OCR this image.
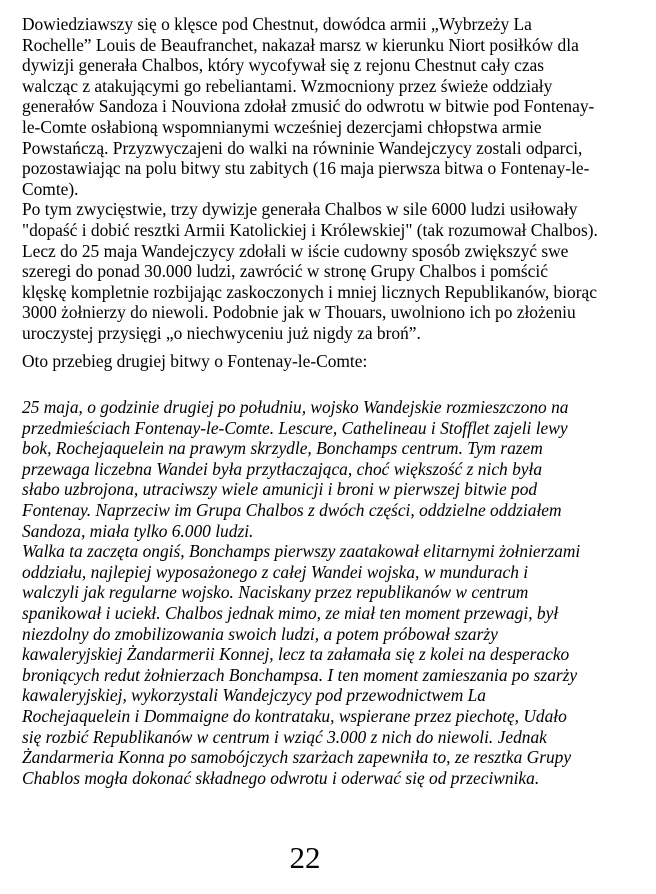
Dowiedziawszy się o klęsce pod Chestnut, dowódca armii „Wybrzeży La
Rochelle” Louis de Beaufranchet, nakazał marsz w kierunku Niort posiłków dla
dywizji generała Chalbos, który wycofywał się z rejonu Chestnut cały czas
walcząc z atakującymi go rebeliantami. Wzmocniony przez świeże oddziały
generałów Sandoza i Nouviona zdołał zmusić do odwrotu w bitwie pod Fontenay-
le-Comte osłabioną wspomnianymi wcześniej dezercjami chłopstwa armie
Powstańczą. Przyzwyczajeni do walki na równinie Wandejczycy zostali odparci,
pozostawiając na polu bitwy stu zabitych (16 maja pierwsza bitwa o Fontenay-le-
Comte).

Po tym zwycięstwie, trzy dywizje generała Chalbos w sile 6000 ludzi usiłowały
"dopaść i dobić resztki Armii Katolickiej i Królewskiej" (tak rozumował Chalbos).
Lecz do 25 maja Wandejczycy zdołali w iście cudowny sposób zwiększyć swe
szeregi do ponad 30.000 ludzi, zawrócić w stronę Grupy Chalbos i pomścić
klęskę kompletnie rozbijając zaskoczonych i mniej licznych Republikanów, biorąc
3000 żołnierzy do niewoli. Podobnie jak w Thouars, uwolniono ich po złożeniu
uroczystej przysięgi „o niechwyceniu już nigdy za broń”.

Oto przebieg drugiej bitwy o Fontenay-le-Comte:

25 maja, o godzinie drugiej po południu, wojsko Wandejskie rozmieszczono na
przedmieściach Fontenay-le-Comte. Lescure, Cathelineau i Stofflet zajeli lewy
bok, Rochejaquelein na prawym skrzydle, Bonchamps centrum. Tym razem
przewaga liczebna Wandei była przytłaczająca, choć większość z nich była
słabo uzbrojona, utraciwszy wiele amunicji i broni w pierwszej bitwie pod
Fontenay. Naprzeciw im Grupa Chalbos z dwóch części, oddzielne oddziałem
Sandoza, miała tylko 6.000 ludzi.

Walka ta zaczęta ongiś, Bonchamps pierwszy zaatakował elitarnymi żołnierzami
oddziału, najlepiej wyposażonego z całej Wandei wojska, w mundurach i
walczyli jak regularne wojsko. Naciskany przez republikanów w centrum
spanikował i uciekł. Chalbos jednak mimo, ze miał ten moment przewagi, był
niezdolny do zmobilizowania swoich ludzi, a potem próbował szarży
kawaleryjskiej Żandarmerii Konnej, lecz ta załamała się z kolei na desperacko
broniących redut żołnierzach Bonchampsa. I ten moment zamieszania po szarży
kawaleryjskiej, wykorzystali Wandejczycy pod przewodnictwem La
Rochejaquelein i Dommaigne do kontrataku, wspierane przez piechotę, Udało
się rozbić Republikanów w centrum i wziąć 3.000 z nich do niewoli. Jednak
Żandarmeria Konna po samobójczych szarżach zapewniła to, ze resztka Grupy
Chablos mogła dokonać składnego odwrotu i oderwać się od przeciwnika.

22
